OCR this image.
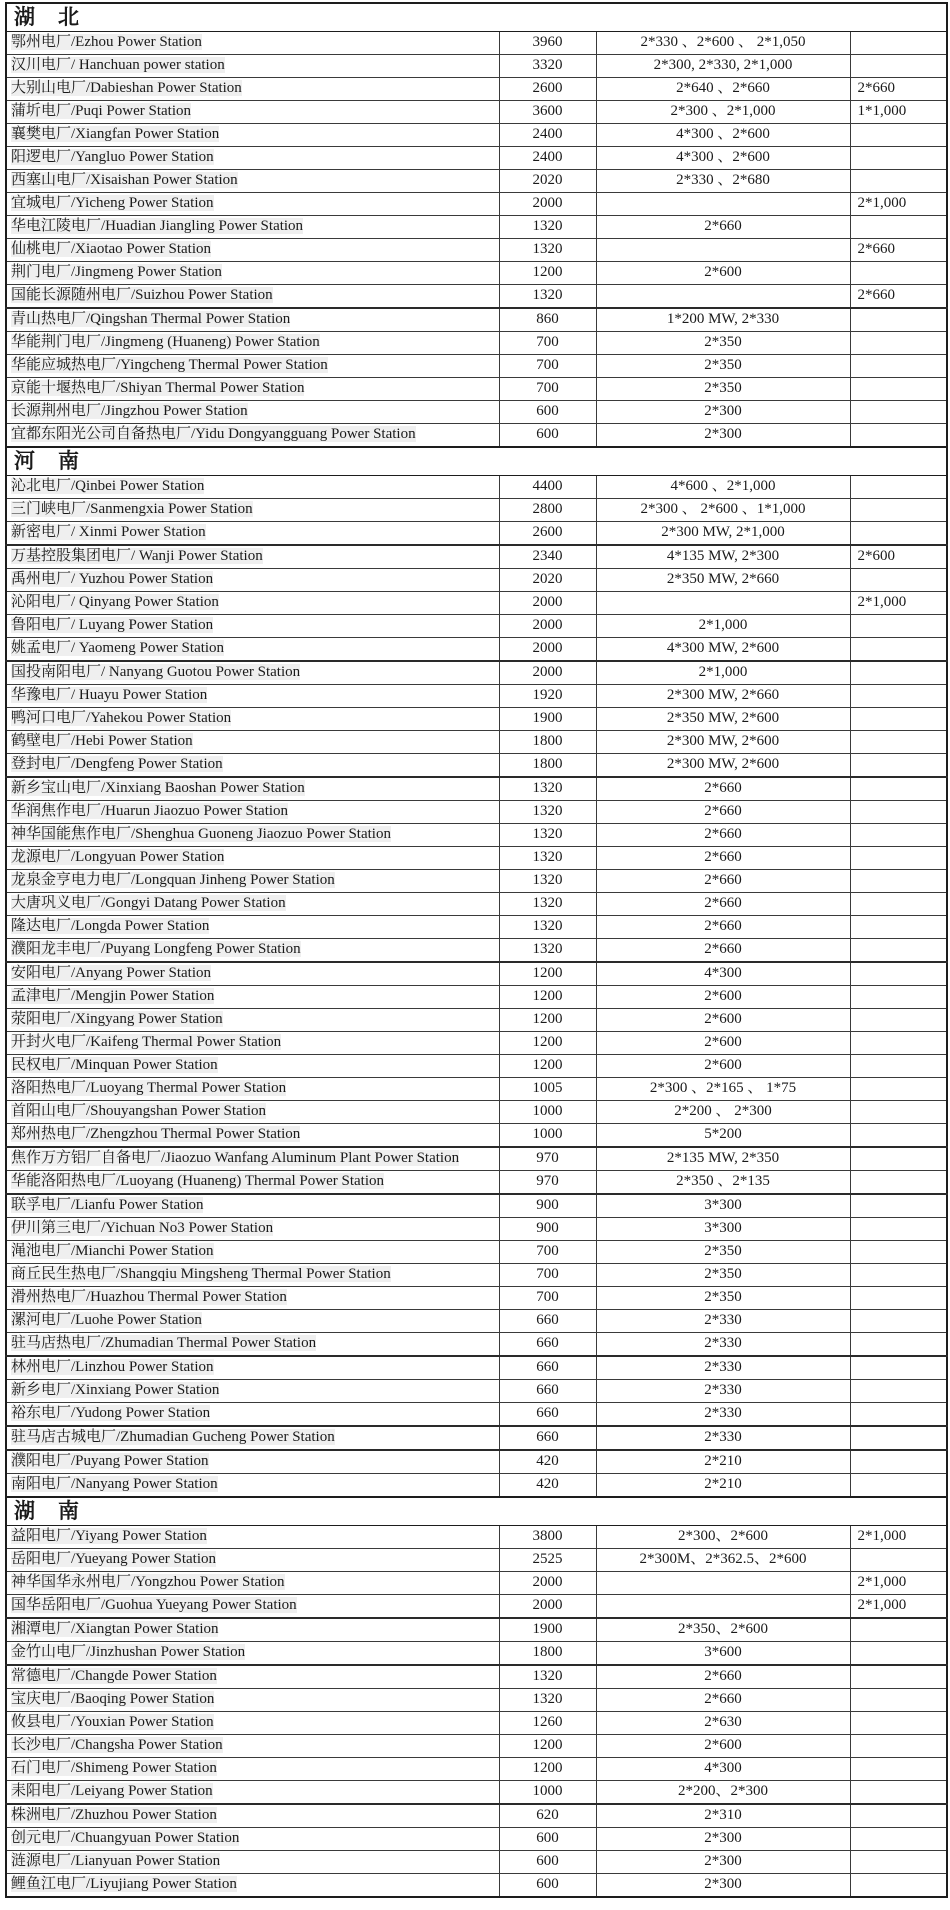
湖　北			
鄂州电厂/Ezhou Power Station	3960	2*330 、2*600 、 2*1,050	
汉川电厂/ Hanchuan power station	3320	2*300, 2*330, 2*1,000	
大别山电厂/Dabieshan Power Station	2600	2*640 、2*660	2*660
蒲圻电厂/Puqi Power Station	3600	2*300 、2*1,000	1*1,000
襄樊电厂/Xiangfan Power Station	2400	4*300 、2*600	
阳逻电厂/Yangluo Power Station	2400	4*300 、2*600	
西塞山电厂/Xisaishan Power Station	2020	2*330 、2*680	
宜城电厂/Yicheng Power Station	2000		2*1,000
华电江陵电厂/Huadian Jiangling Power Station	1320	2*660	
仙桃电厂/Xiaotao Power Station	1320		2*660
荆门电厂/Jingmeng Power Station	1200	2*600	
国能长源随州电厂/Suizhou Power Station	1320		2*660
青山热电厂/Qingshan Thermal Power Station	860	1*200 MW, 2*330	
华能荆门电厂/Jingmeng (Huaneng) Power Station	700	2*350	
华能应城热电厂/Yingcheng Thermal Power Station	700	2*350	
京能十堰热电厂/Shiyan Thermal Power Station	700	2*350	
长源荆州电厂/Jingzhou Power Station	600	2*300	
宜都东阳光公司自备热电厂/Yidu Dongyangguang Power Station	600	2*300	
河　南			
沁北电厂/Qinbei Power Station	4400	4*600 、2*1,000	
三门峡电厂/Sanmengxia Power Station	2800	2*300 、 2*600 、1*1,000	
新密电厂/ Xinmi Power Station	2600	2*300 MW, 2*1,000	
万基控股集团电厂/ Wanji Power Station	2340	4*135 MW, 2*300	2*600
禹州电厂/ Yuzhou Power Station	2020	2*350 MW, 2*660	
沁阳电厂/ Qinyang Power Station	2000		2*1,000
鲁阳电厂/ Luyang Power Station	2000	2*1,000	
姚孟电厂/ Yaomeng Power Station	2000	4*300 MW, 2*600	
国投南阳电厂/ Nanyang Guotou Power Station	2000	2*1,000	
华豫电厂/ Huayu Power Station	1920	2*300 MW, 2*660	
鸭河口电厂/Yahekou Power Station	1900	2*350 MW, 2*600	
鹤壁电厂/Hebi Power Station	1800	2*300 MW, 2*600	
登封电厂/Dengfeng Power Station	1800	2*300 MW, 2*600	
新乡宝山电厂/Xinxiang Baoshan Power Station	1320	2*660	
华润焦作电厂/Huarun Jiaozuo Power Station	1320	2*660	
神华国能焦作电厂/Shenghua Guoneng Jiaozuo Power Station	1320	2*660	
龙源电厂/Longyuan Power Station	1320	2*660	
龙泉金亨电力电厂/Longquan Jinheng Power Station	1320	2*660	
大唐巩义电厂/Gongyi Datang Power Station	1320	2*660	
隆达电厂/Longda Power Station	1320	2*660	
濮阳龙丰电厂/Puyang Longfeng Power Station	1320	2*660	
安阳电厂/Anyang Power Station	1200	4*300	
孟津电厂/Mengjin Power Station	1200	2*600	
荥阳电厂/Xingyang Power Station	1200	2*600	
开封火电厂/Kaifeng Thermal Power Station	1200	2*600	
民权电厂/Minquan Power Station	1200	2*600	
洛阳热电厂/Luoyang Thermal Power Station	1005	2*300 、2*165 、 1*75	
首阳山电厂/Shouyangshan Power Station	1000	2*200 、 2*300	
郑州热电厂/Zhengzhou Thermal Power Station	1000	5*200	
焦作万方铝厂自备电厂/Jiaozuo Wanfang Aluminum Plant Power Station	970	2*135 MW, 2*350	
华能洛阳热电厂/Luoyang (Huaneng) Thermal Power Station	970	2*350 、2*135	
联孚电厂/Lianfu Power Station	900	3*300	
伊川第三电厂/Yichuan No3 Power Station	900	3*300	
渑池电厂/Mianchi Power Station	700	2*350	
商丘民生热电厂/Shangqiu Mingsheng Thermal Power Station	700	2*350	
滑州热电厂/Huazhou Thermal Power Station	700	2*350	
漯河电厂/Luohe Power Station	660	2*330	
驻马店热电厂/Zhumadian Thermal Power Station	660	2*330	
林州电厂/Linzhou Power Station	660	2*330	
新乡电厂/Xinxiang Power Station	660	2*330	
裕东电厂/Yudong Power Station	660	2*330	
驻马店古城电厂/Zhumadian Gucheng Power Station	660	2*330	
濮阳电厂/Puyang Power Station	420	2*210	
南阳电厂/Nanyang Power Station	420	2*210	
湖　南			
益阳电厂/Yiyang Power Station	3800	2*300、2*600	2*1,000
岳阳电厂/Yueyang Power Station	2525	2*300M、2*362.5、2*600	
神华国华永州电厂/Yongzhou Power Station	2000		2*1,000
国华岳阳电厂/Guohua Yueyang Power Station	2000		2*1,000
湘潭电厂/Xiangtan Power Station	1900	2*350、2*600	
金竹山电厂/Jinzhushan Power Station	1800	3*600	
常德电厂/Changde Power Station	1320	2*660	
宝庆电厂/Baoqing Power Station	1320	2*660	
攸县电厂/Youxian Power Station	1260	2*630	
长沙电厂/Changsha Power Station	1200	2*600	
石门电厂/Shimeng Power Station	1200	4*300	
耒阳电厂/Leiyang Power Station	1000	2*200、2*300	
株洲电厂/Zhuzhou Power Station	620	2*310	
创元电厂/Chuangyuan Power Station	600	2*300	
涟源电厂/Lianyuan Power Station	600	2*300	
鲤鱼江电厂/Liyujiang Power Station	600	2*300	
